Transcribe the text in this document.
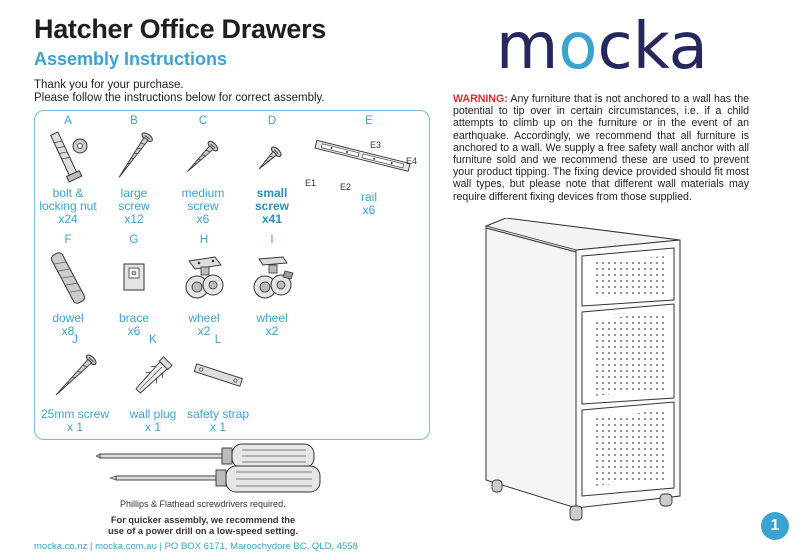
Hatcher Office Drawers
Assembly Instructions
Thank you for your purchase.
Please follow the instructions below for correct assembly.
mocka
WARNING: Any furniture that is not anchored to a wall has the potential to tip over in certain circumstances, i.e. if a child attempts to climb up on the furniture or in the event of an earthquake. Accordingly, we recommend that all furniture is anchored to a wall. We supply a free safety wall anchor with all furniture sold and we recommend these are used to prevent your product tipping. The fixing device provided should fit most wall types, but please note that different wall materials may require different fixing devices from those supplied.
A
bolt &
locking nut
x24
B
large
screw
x12
C
medium
screw
x6
D
small
screw
x41
E
E1	E2
E3
E4
rail
x6
F
dowel
x8
G
brace
x6
H
wheel
x2
I
wheel
x2
J
25mm screw
x 1
K
wall plug
x 1
L
safety strap
x 1
Phillips & Flathead screwdrivers required.
For quicker assembly, we recommend the
use of a power drill on a low-speed setting.
mocka.co.nz | mocka.com.au | PO BOX 6171, Maroochydore BC, QLD, 4558
1
